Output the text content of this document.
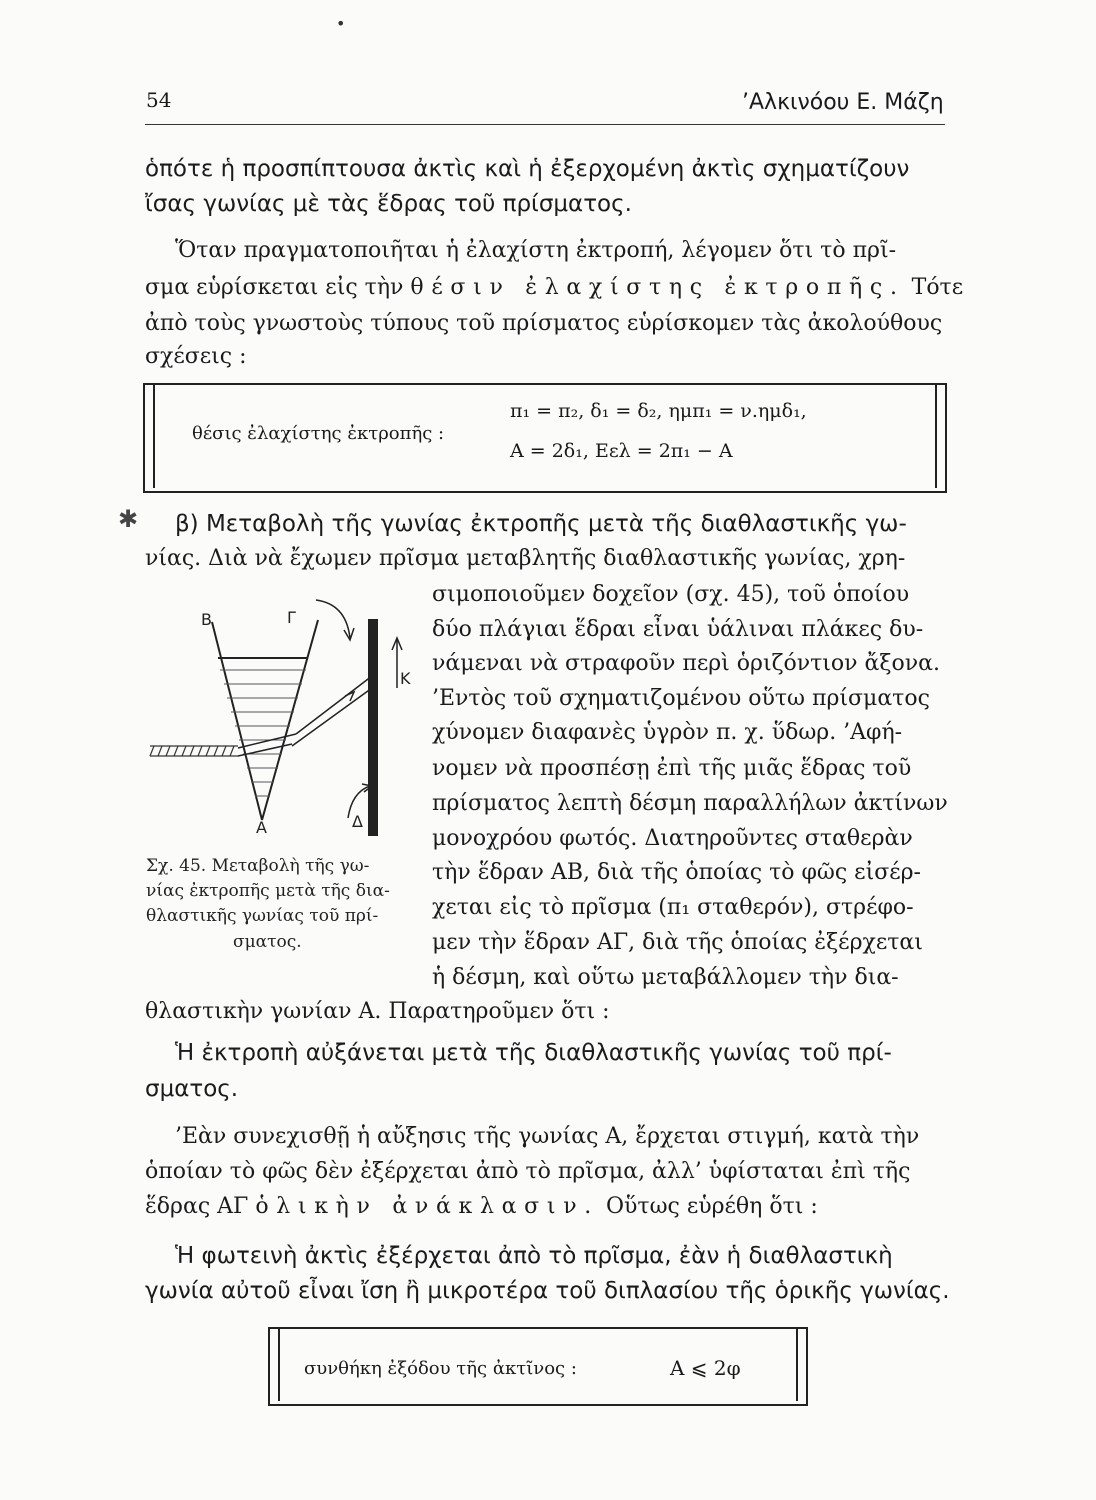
54	’Αλκινόου Ε. Μάζη
ὁπότε ἡ προσπίπτουσα ἀκτὶς καὶ ἡ ἐξερχομένη ἀκτὶς σχηματίζουν
ἴσας γωνίας μὲ τὰς ἕδρας τοῦ πρίσματος.
Ὅταν πραγματοποιῆται ἡ ἐλαχίστη ἐκτροπή, λέγομεν ὅτι τὸ πρῖ-
σμα εὑρίσκεται εἰς τὴν θέσιν ἐλαχίστης ἐκτροπῆς. Τότε
ἀπὸ τοὺς γνωστοὺς τύπους τοῦ πρίσματος εὑρίσκομεν τὰς ἀκολούθους
σχέσεις :
θέσις ἐλαχίστης ἐκτροπῆς :
π₁ = π₂, δ₁ = δ₂, ημπ₁ = ν.ημδ₁,
A = 2δ₁, Eελ = 2π₁ − A
✱ β) Μεταβολὴ τῆς γωνίας ἐκτροπῆς μετὰ τῆς διαθλαστικῆς γω-
νίας. Διὰ νὰ ἔχωμεν πρῖσμα μεταβλητῆς διαθλαστικῆς γωνίας, χρη-
σιμοποιοῦμεν δοχεῖον (σχ. 45), τοῦ ὁποίου
δύο πλάγιαι ἕδραι εἶναι ὑάλιναι πλάκες δυ-
νάμεναι νὰ στραφοῦν περὶ ὁριζόντιον ἄξονα.
’Εντὸς τοῦ σχηματιζομένου οὕτω πρίσματος
χύνομεν διαφανὲς ὑγρὸν π. χ. ὕδωρ. ’Αφή-
νομεν νὰ προσπέσῃ ἐπὶ τῆς μιᾶς ἕδρας τοῦ
πρίσματος λεπτὴ δέσμη παραλλήλων ἀκτίνων
μονοχρόου φωτός. Διατηροῦντες σταθερὰν
τὴν ἕδραν ΑΒ, διὰ τῆς ὁποίας τὸ φῶς εἰσέρ-
χεται εἰς τὸ πρῖσμα (π₁ σταθερόν), στρέφο-
μεν τὴν ἕδραν ΑΓ, διὰ τῆς ὁποίας ἐξέρχεται
ἡ δέσμη, καὶ οὕτω μεταβάλλομεν τὴν δια-
θλαστικὴν γωνίαν Α. Παρατηροῦμεν ὅτι :
B	Γ
Α	Δ
K
Σχ. 45. Μεταβολὴ τῆς γω-
νίας ἐκτροπῆς μετὰ τῆς δια-
θλαστικῆς γωνίας τοῦ πρί-
σματος.
Ἡ ἐκτροπὴ αὐξάνεται μετὰ τῆς διαθλαστικῆς γωνίας τοῦ πρί-
σματος.
’Εὰν συνεχισθῇ ἡ αὔξησις τῆς γωνίας Α, ἔρχεται στιγμή, κατὰ τὴν
ὁποίαν τὸ φῶς δὲν ἐξέρχεται ἀπὸ τὸ πρῖσμα, ἀλλ’ ὑφίσταται ἐπὶ τῆς
ἕδρας ΑΓ ὁλικὴν ἀνάκλασιν. Οὕτως εὑρέθη ὅτι :
Ἡ φωτεινὴ ἀκτὶς ἐξέρχεται ἀπὸ τὸ πρῖσμα, ἐὰν ἡ διαθλαστικὴ
γωνία αὐτοῦ εἶναι ἴση ἢ μικροτέρα τοῦ διπλασίου τῆς ὁρικῆς γωνίας.
συνθήκη ἐξόδου τῆς ἀκτῖνος :	A ⩽ 2φ
•
